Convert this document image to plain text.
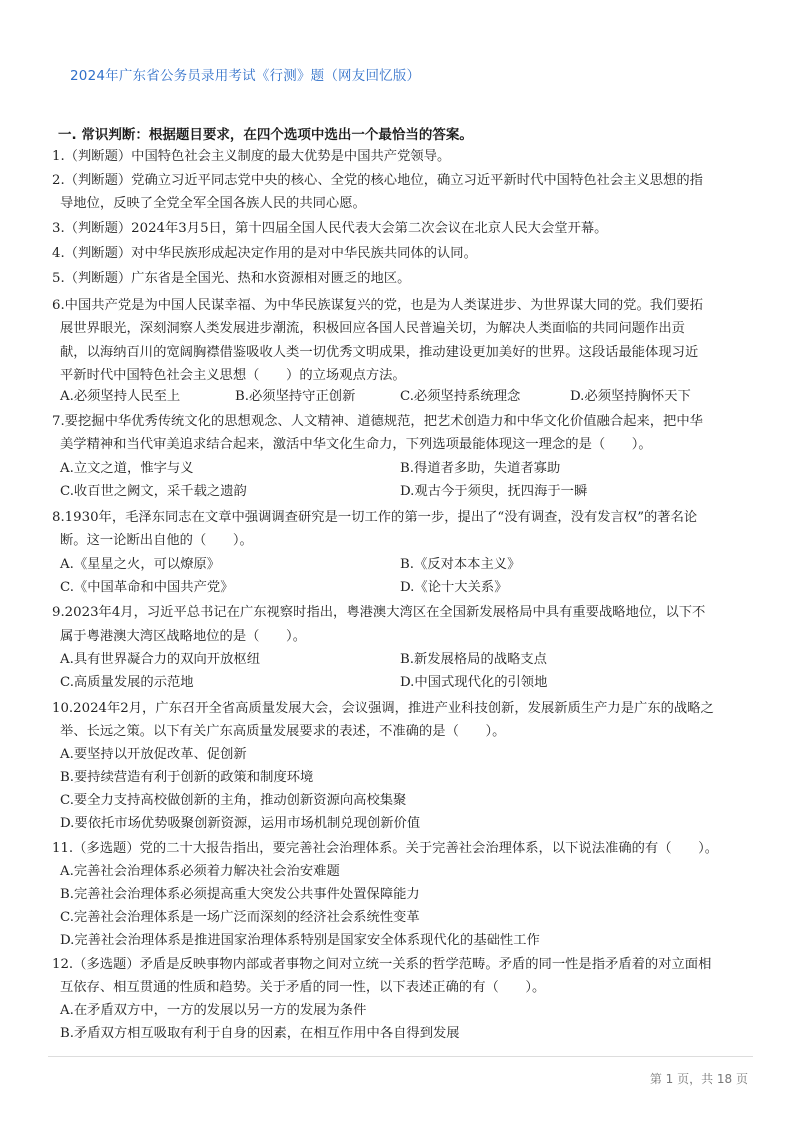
2024年广东省公务员录用考试《行测》题（网友回忆版）
一. 常识判断：根据题目要求，在四个选项中选出一个最恰当的答案。
1.（判断题）中国特色社会主义制度的最大优势是中国共产党领导。
2.（判断题）党确立习近平同志党中央的核心、全党的核心地位，确立习近平新时代中国特色社会主义思想的指
导地位，反映了全党全军全国各族人民的共同心愿。
3.（判断题）2024年3月5日，第十四届全国人民代表大会第二次会议在北京人民大会堂开幕。
4.（判断题）对中华民族形成起决定作用的是对中华民族共同体的认同。
5.（判断题）广东省是全国光、热和水资源相对匮乏的地区。
6.中国共产党是为中国人民谋幸福、为中华民族谋复兴的党，也是为人类谋进步、为世界谋大同的党。我们要拓
展世界眼光，深刻洞察人类发展进步潮流，积极回应各国人民普遍关切，为解决人类面临的共同问题作出贡
献，以海纳百川的宽阔胸襟借鉴吸收人类一切优秀文明成果，推动建设更加美好的世界。这段话最能体现习近
平新时代中国特色社会主义思想（　　）的立场观点方法。
A.必须坚持人民至上	B.必须坚持守正创新	C.必须坚持系统理念	D.必须坚持胸怀天下
7.要挖掘中华优秀传统文化的思想观念、人文精神、道德规范，把艺术创造力和中华文化价值融合起来，把中华
美学精神和当代审美追求结合起来，激活中华文化生命力，下列选项最能体现这一理念的是（　　）。
A.立文之道，惟字与义	B.得道者多助，失道者寡助
C.收百世之阙文，采千载之遗韵	D.观古今于须臾，抚四海于一瞬
8.1930年，毛泽东同志在文章中强调调查研究是一切工作的第一步，提出了“没有调查，没有发言权”的著名论
断。这一论断出自他的（　　）。
A.《星星之火，可以燎原》	B.《反对本本主义》
C.《中国革命和中国共产党》	D.《论十大关系》
9.2023年4月，习近平总书记在广东视察时指出，粤港澳大湾区在全国新发展格局中具有重要战略地位，以下不
属于粤港澳大湾区战略地位的是（　　）。
A.具有世界凝合力的双向开放枢纽	B.新发展格局的战略支点
C.高质量发展的示范地	D.中国式现代化的引领地
10.2024年2月，广东召开全省高质量发展大会，会议强调，推进产业科技创新，发展新质生产力是广东的战略之
举、长远之策。以下有关广东高质量发展要求的表述，不准确的是（　　）。
A.要坚持以开放促改革、促创新
B.要持续营造有利于创新的政策和制度环境
C.要全力支持高校做创新的主角，推动创新资源向高校集聚
D.要依托市场优势吸聚创新资源，运用市场机制兑现创新价值
11.（多选题）党的二十大报告指出，要完善社会治理体系。关于完善社会治理体系，以下说法准确的有（　　）。
A.完善社会治理体系必须着力解决社会治安难题
B.完善社会治理体系必须提高重大突发公共事件处置保障能力
C.完善社会治理体系是一场广泛而深刻的经济社会系统性变革
D.完善社会治理体系是推进国家治理体系特别是国家安全体系现代化的基础性工作
12.（多选题）矛盾是反映事物内部或者事物之间对立统一关系的哲学范畴。矛盾的同一性是指矛盾着的对立面相
互依存、相互贯通的性质和趋势。关于矛盾的同一性，以下表述正确的有（　　）。
A.在矛盾双方中，一方的发展以另一方的发展为条件
B.矛盾双方相互吸取有利于自身的因素，在相互作用中各自得到发展
第 1 页，共 18 页
